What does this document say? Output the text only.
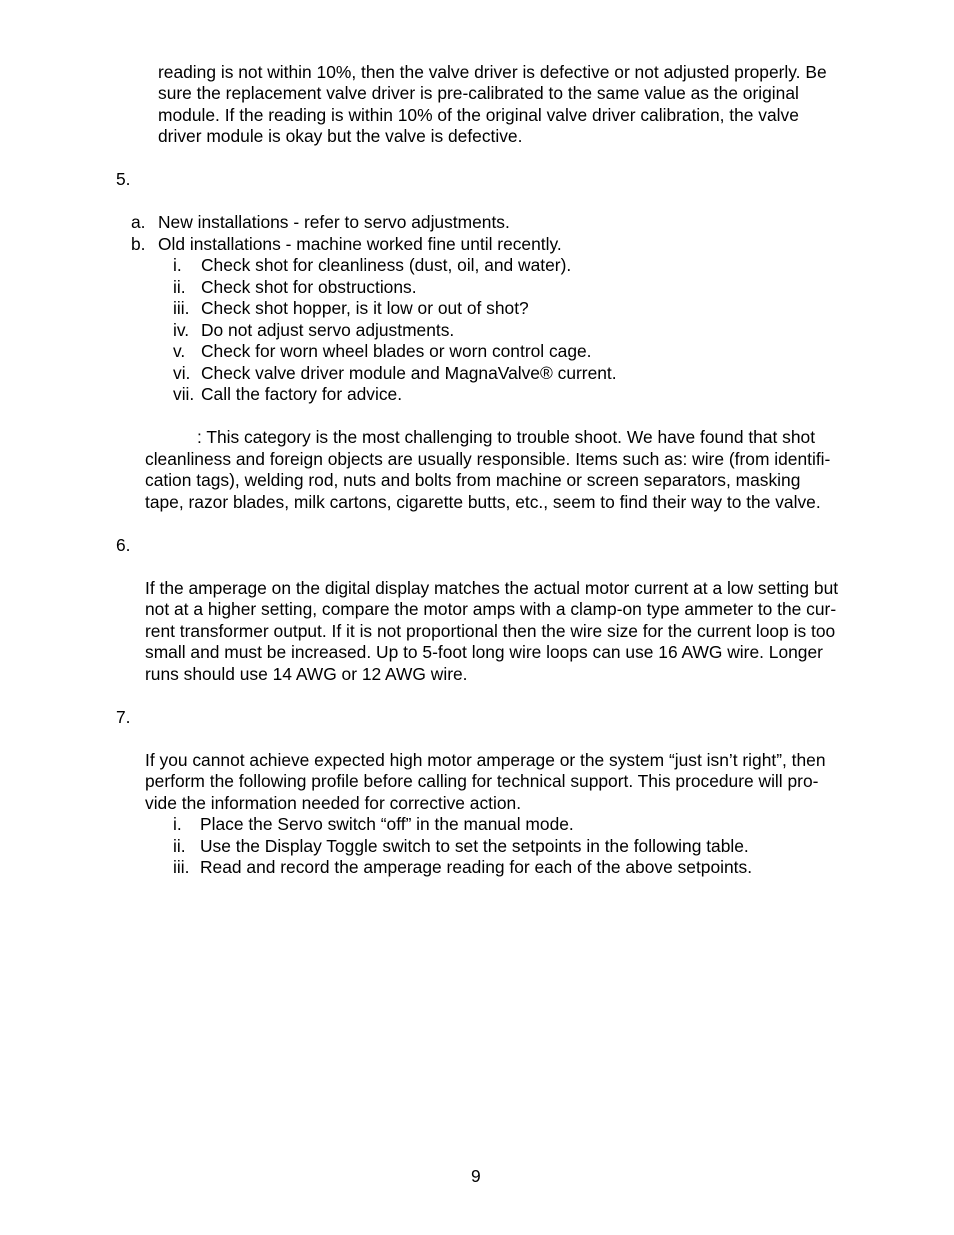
reading is not within 10%, then the valve driver is defective or not adjusted properly. Be
sure the replacement valve driver is pre-calibrated to the same value as the original
module. If the reading is within 10% of the original valve driver calibration, the valve
driver module is okay but the valve is defective.
5.
a. New installations - refer to servo adjustments.
b. Old installations - machine worked fine until recently.
i. Check shot for cleanliness (dust, oil, and water).
ii. Check shot for obstructions.
iii. Check shot hopper, is it low or out of shot?
iv. Do not adjust servo adjustments.
v. Check for worn wheel blades or worn control cage.
vi. Check valve driver module and MagnaValve® current.
vii. Call the factory for advice.
: This category is the most challenging to trouble shoot. We have found that shot
cleanliness and foreign objects are usually responsible. Items such as: wire (from identifi-
cation tags), welding rod, nuts and bolts from machine or screen separators, masking
tape, razor blades, milk cartons, cigarette butts, etc., seem to find their way to the valve.
6.
If the amperage on the digital display matches the actual motor current at a low setting but
not at a higher setting, compare the motor amps with a clamp-on type ammeter to the cur-
rent transformer output. If it is not proportional then the wire size for the current loop is too
small and must be increased. Up to 5-foot long wire loops can use 16 AWG wire. Longer
runs should use 14 AWG or 12 AWG wire.
7.
If you cannot achieve expected high motor amperage or the system “just isn’t right”, then
perform the following profile before calling for technical support. This procedure will pro-
vide the information needed for corrective action.
i. Place the Servo switch “off” in the manual mode.
ii. Use the Display Toggle switch to set the setpoints in the following table.
iii. Read and record the amperage reading for each of the above setpoints.
9
